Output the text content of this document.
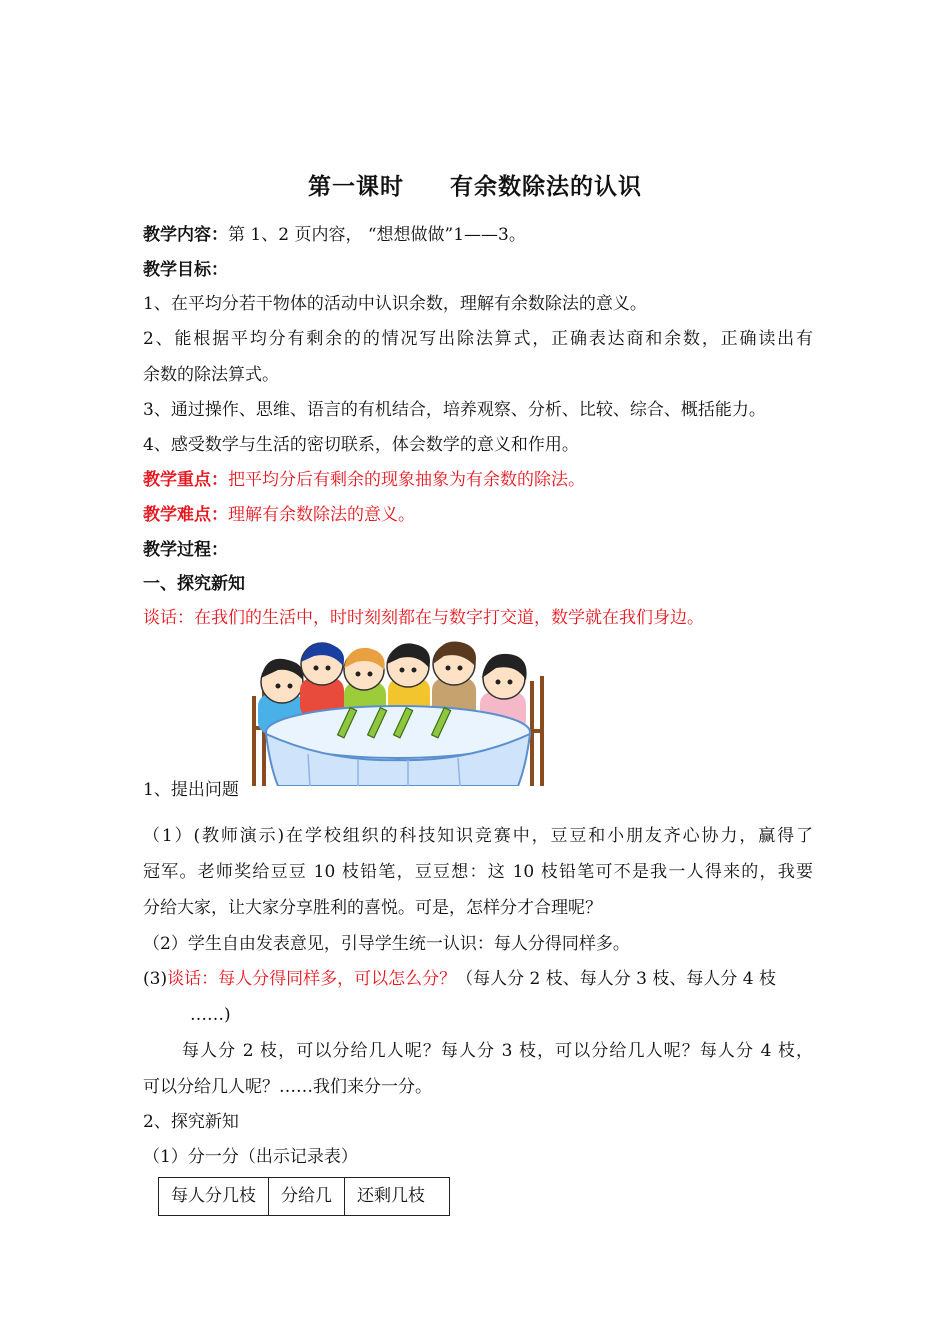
第一课时 有余数除法的认识
教学内容：第 1、2 页内容， “想想做做”1——3。
教学目标：
1、在平均分若干物体的活动中认识余数，理解有余数除法的意义。
2、能根据平均分有剩余的的情况写出除法算式，正确表达商和余数，正确读出有
余数的除法算式。
3、通过操作、思维、语言的有机结合，培养观察、分析、比较、综合、概括能力。
4、感受数学与生活的密切联系，体会数学的意义和作用。
教学重点：把平均分后有剩余的现象抽象为有余数的除法。
教学难点：理解有余数除法的意义。
教学过程：
一、探究新知
谈话：在我们的生活中，时时刻刻都在与数字打交道，数学就在我们身边。
1、提出问题
（1）(教师演示)在学校组织的科技知识竞赛中，豆豆和小朋友齐心协力，赢得了
冠军。老师奖给豆豆 10 枝铅笔，豆豆想：这 10 枝铅笔可不是我一人得来的，我要
分给大家，让大家分享胜利的喜悦。可是，怎样分才合理呢？
（2）学生自由发表意见，引导学生统一认识：每人分得同样多。
(3)谈话：每人分得同样多，可以怎么分？（每人分 2 枝、每人分 3 枝、每人分 4 枝
……)
每人分 2 枝，可以分给几人呢？每人分 3 枝，可以分给几人呢？每人分 4 枝，
可以分给几人呢？……我们来分一分。
2、探究新知
（1）分一分（出示记录表）
每人分几枝	分给几	还剩几枝
